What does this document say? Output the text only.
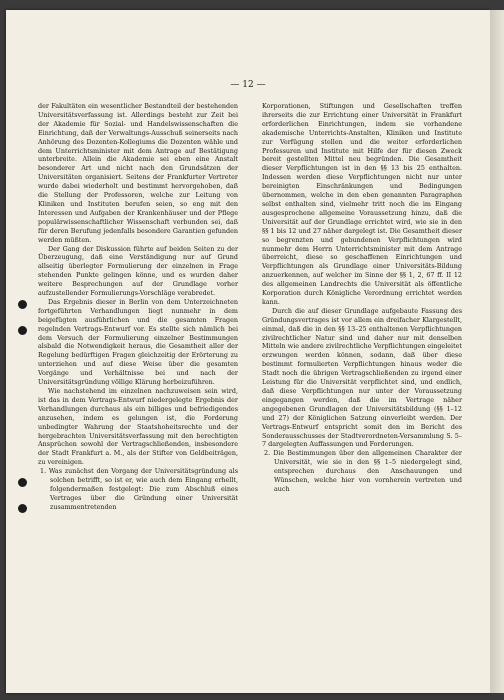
— 12 —

der Fakultäten ein wesentlicher Bestandteil der bestehenden Universitätsverfassung ist. Allerdings besteht zur Zeit bei der Akademie für Sozial- und Handelswissenschaften die Einrichtung, daß der Verwaltungs-Ausschuß seinerseits nach Anhörung des Dozenten-Kollegiums die Dozenten wähle und dem Unterrichtsminister mit dem Antrage auf Bestätigung unterbreite. Allein die Akademie sei eben eine Anstalt besonderer Art und nicht nach den Grundsätzen der Universitäten organisiert. Seitens der Frankfurter Vertreter wurde dabei wiederholt und bestimmt hervorgehoben, daß die Stellung der Professoren, welche zur Leitung von Kliniken und Instituten berufen seien, so eng mit den Interessen und Aufgaben der Krankenhäuser und der Pflege populärwissenschaftlicher Wissenschaft verbunden sei, daß für deren Berufung jedenfalls besondere Garantien gefunden werden müßten.

Der Gang der Diskussion führte auf beiden Seiten zu der Überzeugung, daß eine Verständigung nur auf Grund allseitig überlegter Formulierung der einzelnen in Frage stehenden Punkte gelingen könne, und es wurden daher weitere Besprechungen auf der Grundlage vorher aufzustellender Formulierungs-Vorschläge verabredet.

Das Ergebnis dieser in Berlin von dem Unterzeichneten fortgeführten Verhandlungen liegt nunmehr in dem beigefügten ausführlichen und die gesamten Fragen regelnden Vertrags-Entwurf vor. Es stellte sich nämlich bei dem Versuch der Formulierung einzelner Bestimmungen alsbald die Notwendigkeit heraus, die Gesamtheit aller der Regelung bedürftigen Fragen gleichzeitig der Erörterung zu unterziehen und auf diese Weise über die gesamten Vorgänge und Verhältnisse bei und nach der Universitätsgründung völlige Klärung herbeizuführen.

Wie nachstehend im einzelnen nachzuweisen sein wird, ist das in dem Vertrags-Entwurf niedergelegte Ergebnis der Verhandlungen durchaus als ein billiges und befriedigendes anzusehen, indem es gelungen ist, die Forderung unbedingter Wahrung der Staatshoheitsrechte und der hergebrachten Universitätsverfassung mit den berechtigten Ansprüchen sowohl der Vertragschließenden, insbesondere der Stadt Frankfurt a. M., als der Stifter von Geldbeiträgen, zu vereinigen.

1. Was zunächst den Vorgang der Universitätsgründung als solchen betrifft, so ist er, wie auch dem Eingang erhellt, folgendermaßen festgelegt: Die zum Abschluß eines Vertrages über die Gründung einer Universität zusammentretenden

Korporationen, Stiftungen und Gesellschaften treffen ihrerseits die zur Errichtung einer Universität in Frankfurt erforderlichen Einrichtungen, indem sie vorhandene akademische Unterrichts-Anstalten, Kliniken und Institute zur Verfügung stellen und die weiter erforderlichen Professuren und Institute mit Hilfe der für diesen Zweck bereit gestellten Mittel neu begründen. Die Gesamtheit dieser Verpflichtungen ist in den §§ 13 bis 25 enthalten. Indessen werden diese Verpflichtungen nicht nur unter bereinigten Einschränkungen und Bedingungen übernommen, welche in den eben genannten Paragraphen selbst enthalten sind, vielmehr tritt noch die im Eingang ausgesprochene allgemeine Voraussetzung hinzu, daß die Universität auf der Grundlage errichtet wird, wie sie in den §§ 1 bis 12 und 27 näher dargelegt ist. Die Gesamtheit dieser so begrenzten und gebundenen Verpflichtungen wird nunmehr dem Herrn Unterrichtsminister mit dem Antrage überreicht, diese so geschaffenen Einrichtungen und Verpflichtungen als Grundlage einer Universitäts-Bildung anzuerkennen, auf welcher im Sinne der §§ 1, 2, 67 ff. II 12 des allgemeinen Landrechts die Universität als öffentliche Korporation durch Königliche Verordnung errichtet werden kann.

Durch die auf dieser Grundlage aufgebaute Fassung des Gründungsvertrages ist vor allem ein dreifacher Klargestellt, einmal, daß die in den §§ 13–25 enthaltenen Verpflichtungen zivilrechtlicher Natur sind und daher nur mit denselben Mitteln wie andere zivilrechtliche Verpflichtungen eingeleitet erzwungen werden können, sodann, daß über diese bestimmt formulierten Verpflichtungen hinaus weder die Stadt noch die übrigen Vertragschließenden zu irgend einer Leistung für die Universität verpflichtet sind, und endlich, daß diese Verpflichtungen nur unter der Voraussetzung eingegangen werden, daß die im Vertrage näher angegebenen Grundlagen der Universitätsbildung (§§ 1–12 und 27) der Königlichen Satzung einverleibt werden. Der Vertrags-Entwurf entspricht somit den im Bericht des Sonderausschusses der Stadtverordneten-Versammlung S. 5–7 dargelegten Auffassungen und Forderungen.

2. Die Bestimmungen über den allgemeinen Charakter der Universität, wie sie in den §§ 1–5 niedergelegt sind, entsprechen durchaus den Anschauungen und Wünschen, welche hier von vornherein vertreten und auch
